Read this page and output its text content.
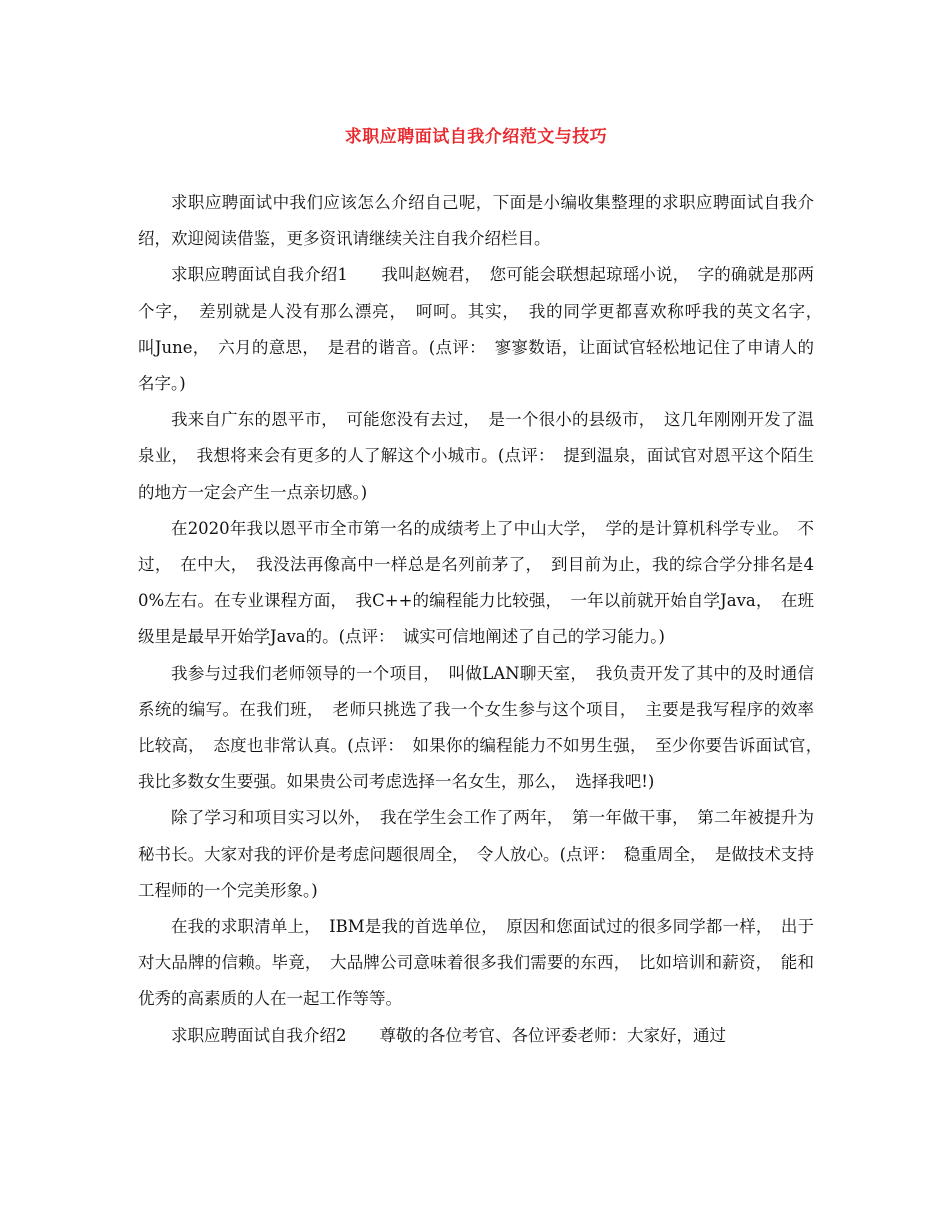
求职应聘面试自我介绍范文与技巧

求职应聘面试中我们应该怎么介绍自己呢，下面是小编收集整理的求职应聘面试自我介绍，欢迎阅读借鉴，更多资讯请继续关注自我介绍栏目。

求职应聘面试自我介绍1　　我叫赵婉君，　您可能会联想起琼瑶小说，　字的确就是那两个字，　差别就是人没有那么漂亮，　呵呵。其实，　我的同学更都喜欢称呼我的英文名字，　叫June，　六月的意思，　是君的谐音。(点评：　寥寥数语，让面试官轻松地记住了申请人的名字。)

我来自广东的恩平市，　可能您没有去过，　是一个很小的县级市，　这几年刚刚开发了温泉业，　我想将来会有更多的人了解这个小城市。(点评：　提到温泉，面试官对恩平这个陌生的地方一定会产生一点亲切感。)

在2020年我以恩平市全市第一名的成绩考上了中山大学，　学的是计算机科学专业。　不过，　在中大，　我没法再像高中一样总是名列前茅了，　到目前为止，我的综合学分排名是40%左右。在专业课程方面，　我C++的编程能力比较强，　一年以前就开始自学Java，　在班级里是最早开始学Java的。(点评：　诚实可信地阐述了自己的学习能力。)

我参与过我们老师领导的一个项目，　叫做LAN聊天室，　我负责开发了其中的及时通信系统的编写。在我们班，　老师只挑选了我一个女生参与这个项目，　主要是我写程序的效率比较高，　态度也非常认真。(点评：　如果你的编程能力不如男生强，　至少你要告诉面试官，　我比多数女生要强。如果贵公司考虑选择一名女生，那么，　选择我吧!)

除了学习和项目实习以外，　我在学生会工作了两年，　第一年做干事，　第二年被提升为秘书长。大家对我的评价是考虑问题很周全，　令人放心。(点评：　稳重周全，　是做技术支持工程师的一个完美形象。)

在我的求职清单上，　IBM是我的首选单位，　原因和您面试过的很多同学都一样，　出于对大品牌的信赖。毕竟，　大品牌公司意味着很多我们需要的东西，　比如培训和薪资，　能和优秀的高素质的人在一起工作等等。

求职应聘面试自我介绍2　　尊敬的各位考官、各位评委老师：大家好，通过
